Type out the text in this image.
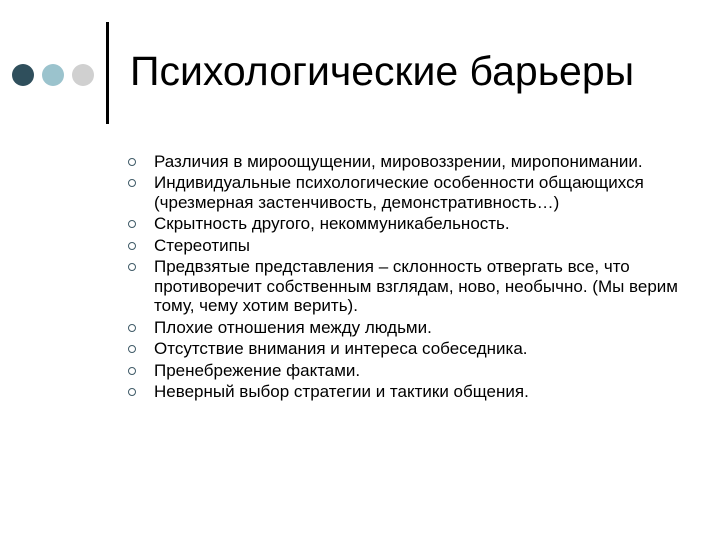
Психологические барьеры
Различия в мироощущении, мировоззрении, миропонимании.
Индивидуальные психологические особенности общающихся (чрезмерная застенчивость, демонстративность…)
Скрытность другого, некоммуникабельность.
Стереотипы
Предвзятые представления – склонность отвергать все, что противоречит собственным взглядам, ново, необычно. (Мы верим тому, чему хотим верить).
Плохие отношения между людьми.
Отсутствие внимания и интереса собеседника.
Пренебрежение фактами.
Неверный выбор стратегии и тактики общения.
